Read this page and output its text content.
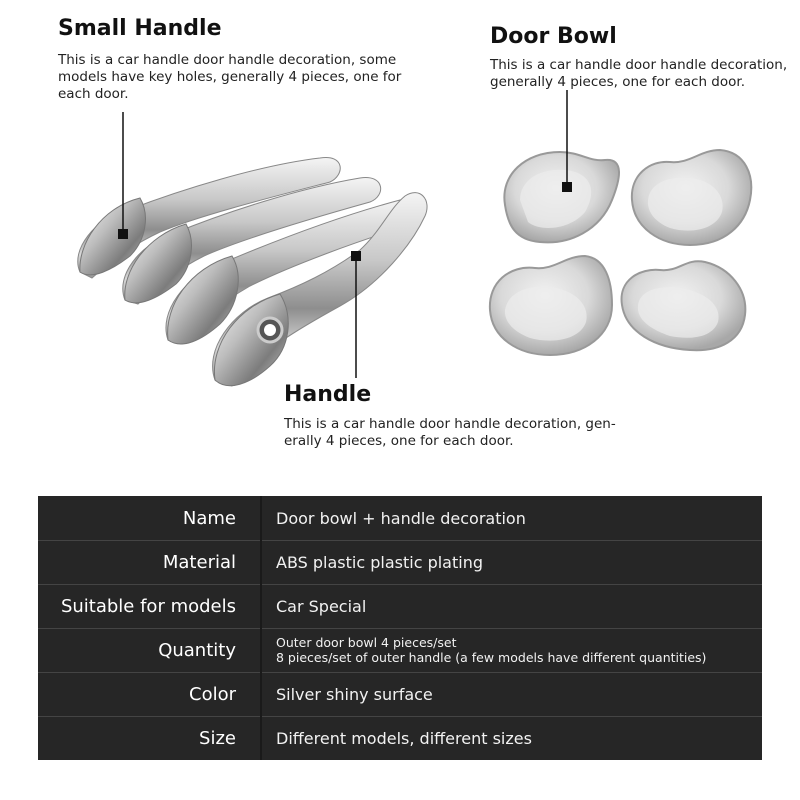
Small Handle

This is a car handle door handle decoration, some
models have key holes, generally 4 pieces, one for
each door.

Door Bowl

This is a car handle door handle decoration,
generally 4 pieces, one for each door.

Handle

This is a car handle door handle decoration, gen-
erally 4 pieces, one for each door.

Name	Door bowl + handle decoration
Material	ABS plastic plastic plating
Suitable for models	Car Special
Quantity	Outer door bowl 4 pieces/set
8 pieces/set of outer handle (a few models have different quantities)
Color	Silver shiny surface
Size	Different models, different sizes
